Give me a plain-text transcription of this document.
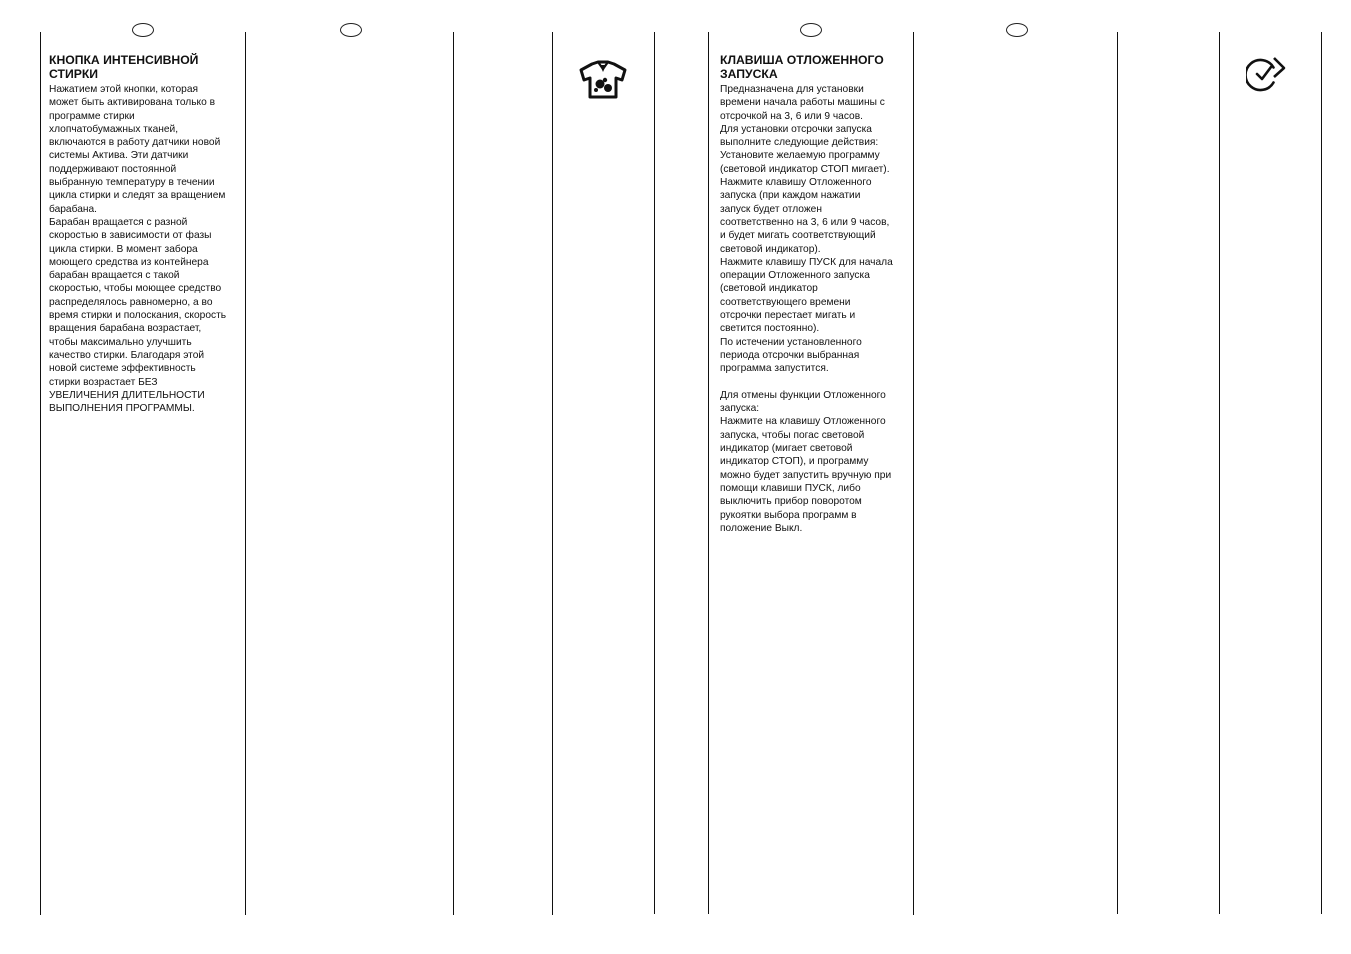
КНОПКА ИНТЕНСИВНОЙ
СТИРКИ

Нажатием этой кнопки, которая
может быть активирована только в
программе стирки
хлопчатобумажных тканей,
включаются в работу датчики новой
системы Актива. Эти датчики
поддерживают постоянной
выбранную температуру в течении
цикла стирки и следят за вращением
барабана.

Барабан вращается с разной
скоростью в зависимости от фазы
цикла стирки. В момент забора
моющего средства из контейнера
барабан вращается с такой
скоростью, чтобы моющее средство
распределялось равномерно, а во
время стирки и полоскания, скорость
вращения барабана возрастает,
чтобы максимально улучшить
качество стирки. Благодаря этой
новой системе эффективность
стирки возрастает БЕЗ
УВЕЛИЧЕНИЯ ДЛИТЕЛЬНОСТИ
ВЫПОЛНЕНИЯ ПРОГРАММЫ.

КЛАВИША ОТЛОЖЕННОГО
ЗАПУСКА

Предназначена для установки
времени начала работы машины с
отсрочкой на 3, 6 или 9 часов.

Для установки отсрочки запуска
выполните следующие действия:

Установите желаемую программу
(световой индикатор СТОП мигает).

Нажмите клавишу Отложенного
запуска (при каждом нажатии
запуск будет отложен
соответственно на 3, 6 или 9 часов,
и будет мигать соответствующий
световой индикатор).

Нажмите клавишу ПУСК для начала
операции Отложенного запуска
(световой индикатор
соответствующего времени
отсрочки перестает мигать и
светится постоянно).

По истечении установленного
периода отсрочки выбранная
программа запустится.

Для отмены функции Отложенного
запуска:

Нажмите на клавишу Отложенного
запуска, чтобы погас световой
индикатор (мигает световой
индикатор СТОП), и программу
можно будет запустить вручную при
помощи клавиши ПУСК, либо
выключить прибор поворотом
рукоятки выбора программ в
положение Выкл.
